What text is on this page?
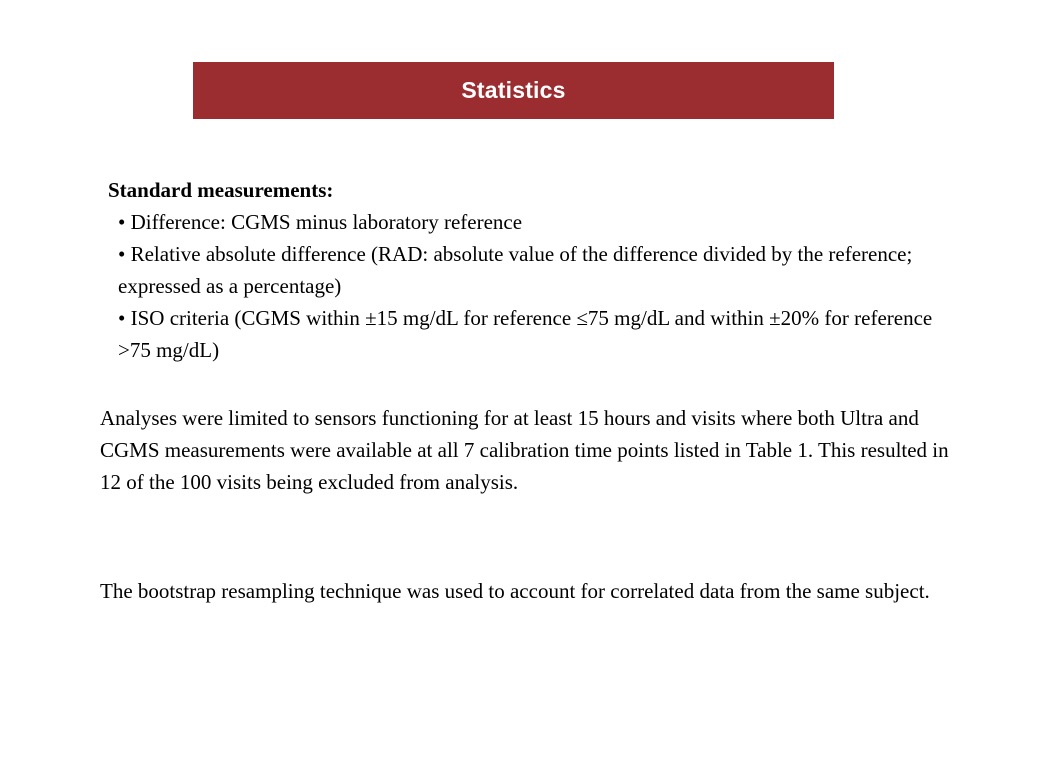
Statistics

Standard measurements:

• Difference: CGMS minus laboratory reference
• Relative absolute difference (RAD: absolute value of the difference divided by the reference; expressed as a percentage)
• ISO criteria (CGMS within ±15 mg/dL for reference ≤75 mg/dL and within ±20% for reference >75 mg/dL)

Analyses were limited to sensors functioning for at least 15 hours and visits where both Ultra and CGMS measurements were available at all 7 calibration time points listed in Table 1. This resulted in 12 of the 100 visits being excluded from analysis.

The bootstrap resampling technique was used to account for correlated data from the same subject.
